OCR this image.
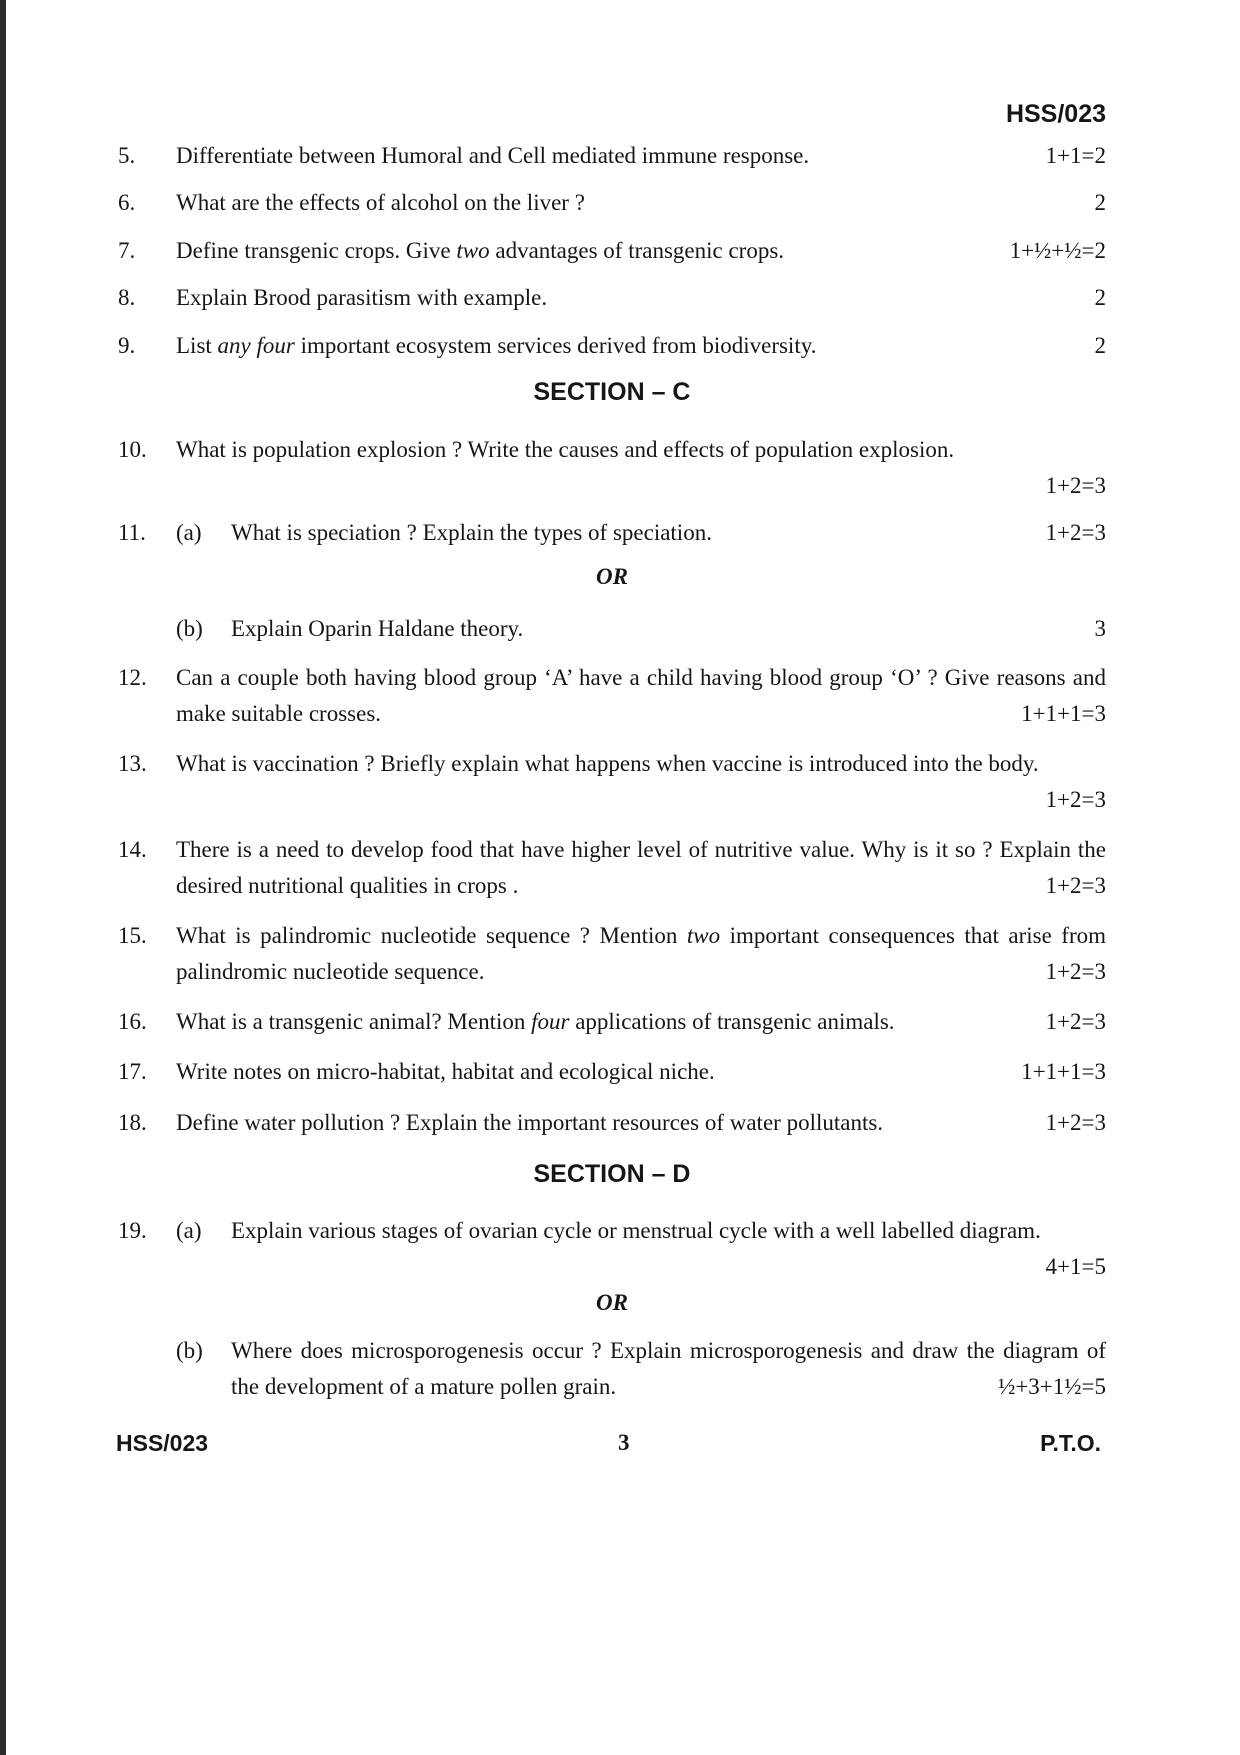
HSS/023
5. Differentiate between Humoral and Cell mediated immune response.	1+1=2
6. What are the effects of alcohol on the liver ?	2
7. Define transgenic crops. Give two advantages of transgenic crops.	1+½+½=2
8. Explain Brood parasitism with example.	2
9. List any four important ecosystem services derived from biodiversity.	2
SECTION – C
10. What is population explosion ? Write the causes and effects of population explosion.
1+2=3
11. (a) What is speciation ? Explain the types of speciation.	1+2=3
OR
(b) Explain Oparin Haldane theory.	3
12. Can a couple both having blood group ‘A’ have a child having blood group ‘O’ ? Give reasons and make suitable crosses.	1+1+1=3
13. What is vaccination ? Briefly explain what happens when vaccine is introduced into the body.
1+2=3
14. There is a need to develop food that have higher level of nutritive value. Why is it so ? Explain the desired nutritional qualities in crops .	1+2=3
15. What is palindromic nucleotide sequence ? Mention two important consequences that arise from palindromic nucleotide sequence.	1+2=3
16. What is a transgenic animal? Mention four applications of transgenic animals.	1+2=3
17. Write notes on micro-habitat, habitat and ecological niche.	1+1+1=3
18. Define water pollution ? Explain the important resources of water pollutants.	1+2=3
SECTION – D
19. (a) Explain various stages of ovarian cycle or menstrual cycle with a well labelled diagram.
4+1=5
OR
(b) Where does microsporogenesis occur ? Explain microsporogenesis and draw the diagram of the development of a mature pollen grain.	½+3+1½=5
HSS/023	3	P.T.O.
